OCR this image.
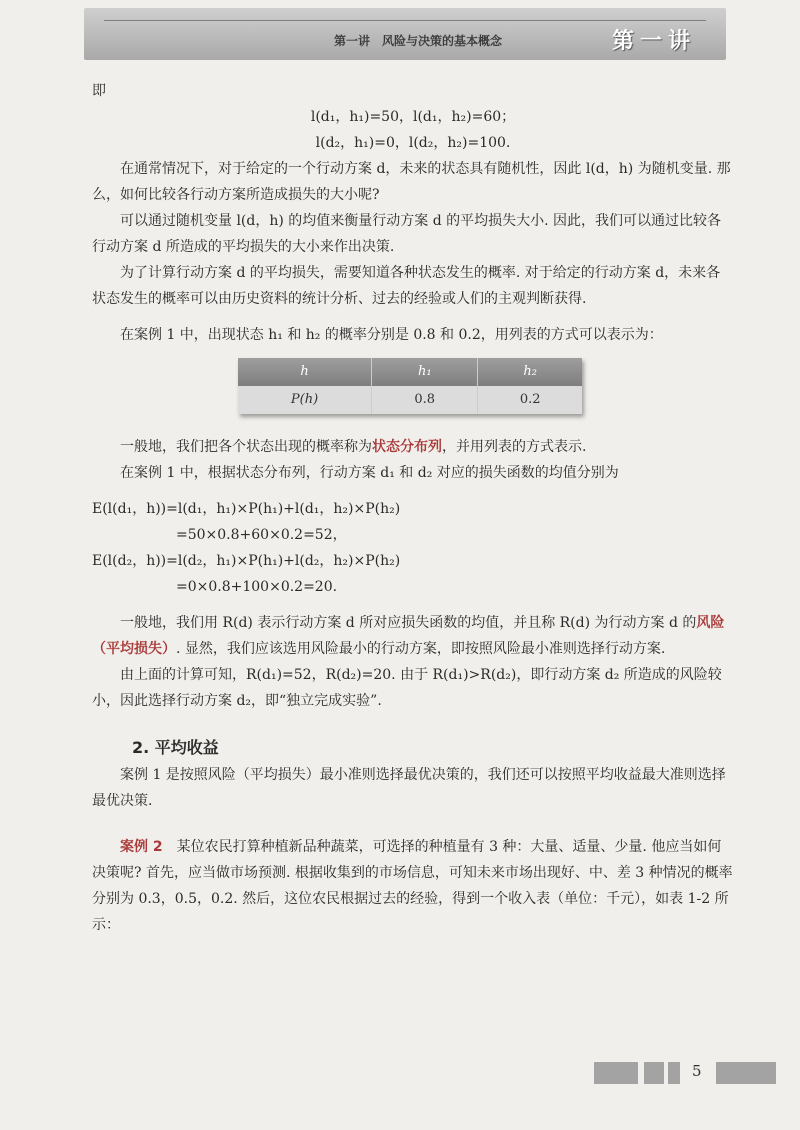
第一讲　风险与决策的基本概念	第一讲

即

l(d₁，h₁)=50，l(d₁，h₂)=60；

l(d₂，h₁)=0，l(d₂，h₂)=100.

在通常情况下，对于给定的一个行动方案 d，未来的状态具有随机性，因此 l(d，h) 为随机变量. 那么，如何比较各行动方案所造成损失的大小呢?

可以通过随机变量 l(d，h) 的均值来衡量行动方案 d 的平均损失大小. 因此，我们可以通过比较各行动方案 d 所造成的平均损失的大小来作出决策.

为了计算行动方案 d 的平均损失，需要知道各种状态发生的概率. 对于给定的行动方案 d，未来各状态发生的概率可以由历史资料的统计分析、过去的经验或人们的主观判断获得.

在案例 1 中，出现状态 h₁ 和 h₂ 的概率分别是 0.8 和 0.2，用列表的方式可以表示为：

h	h₁	h₂
P(h)	0.8	0.2

一般地，我们把各个状态出现的概率称为状态分布列，并用列表的方式表示.

在案例 1 中，根据状态分布列，行动方案 d₁ 和 d₂ 对应的损失函数的均值分别为

E(l(d₁，h))=l(d₁，h₁)×P(h₁)+l(d₁，h₂)×P(h₂)

=50×0.8+60×0.2=52，

E(l(d₂，h))=l(d₂，h₁)×P(h₁)+l(d₂，h₂)×P(h₂)

=0×0.8+100×0.2=20.

一般地，我们用 R(d) 表示行动方案 d 所对应损失函数的均值，并且称 R(d) 为行动方案 d 的风险（平均损失）. 显然，我们应该选用风险最小的行动方案，即按照风险最小准则选择行动方案.

由上面的计算可知，R(d₁)=52，R(d₂)=20. 由于 R(d₁)>R(d₂)，即行动方案 d₂ 所造成的风险较小，因此选择行动方案 d₂，即“独立完成实验”.

2. 平均收益

案例 1 是按照风险（平均损失）最小准则选择最优决策的，我们还可以按照平均收益最大准则选择最优决策.

案例 2　某位农民打算种植新品种蔬菜，可选择的种植量有 3 种：大量、适量、少量. 他应当如何决策呢? 首先，应当做市场预测. 根据收集到的市场信息，可知未来市场出现好、中、差 3 种情况的概率分别为 0.3，0.5，0.2. 然后，这位农民根据过去的经验，得到一个收入表（单位：千元），如表 1-2 所示：

5
